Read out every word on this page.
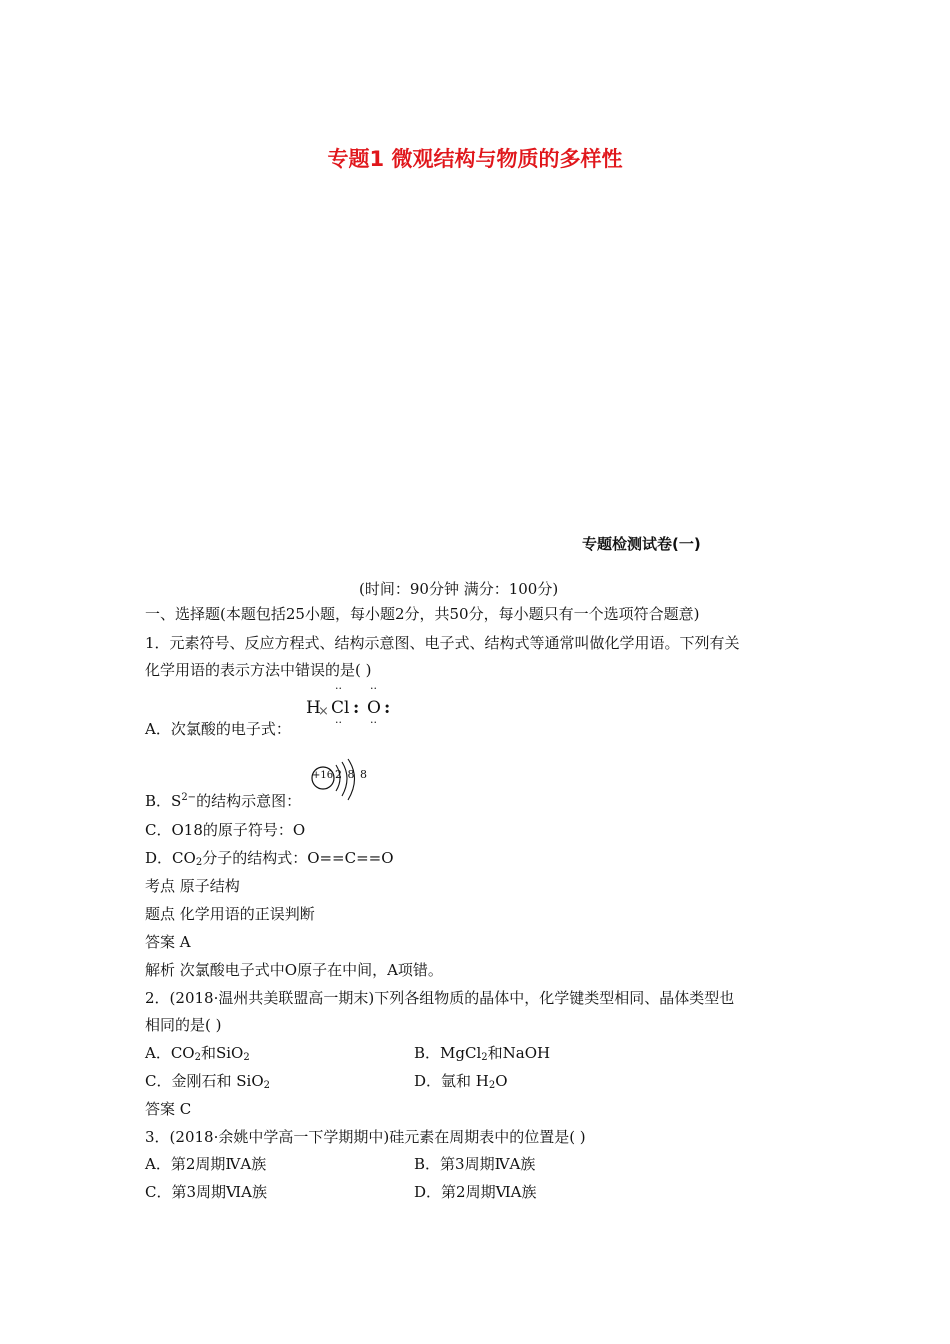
专题1 微观结构与物质的多样性
专题检测试卷(一)
(时间：90分钟 满分：100分)
一、选择题(本题包括25小题，每小题2分，共50分，每小题只有一个选项符合题意)
1．元素符号、反应方程式、结构示意图、电子式、结构式等通常叫做化学用语。下列有关
化学用语的表示方法中错误的是( )
A．次氯酸的电子式：
··	··
H
× Cl : O :
··	··
B．$S^{2-}$的结构示意图：
+16 2 8 8
C．O18的原子符号：O
D．$CO_2$分子的结构式：O==C==O
考点 原子结构
题点 化学用语的正误判断
答案 A
解析 次氯酸电子式中O原子在中间，A项错。
2．(2018·温州共美联盟高一期末)下列各组物质的晶体中，化学键类型相同、晶体类型也
相同的是( )
A．$CO_2$和SiO$_2$	B．MgCl$_2$和NaOH
C．金刚石和 SiO$_2$	D．氩和 $H_2O$
答案 C
3．(2018·余姚中学高一下学期期中)硅元素在周期表中的位置是( )
A．第2周期ⅣA族	B．第3周期ⅣA族
C．第3周期ⅥA族	D．第2周期ⅥA族
